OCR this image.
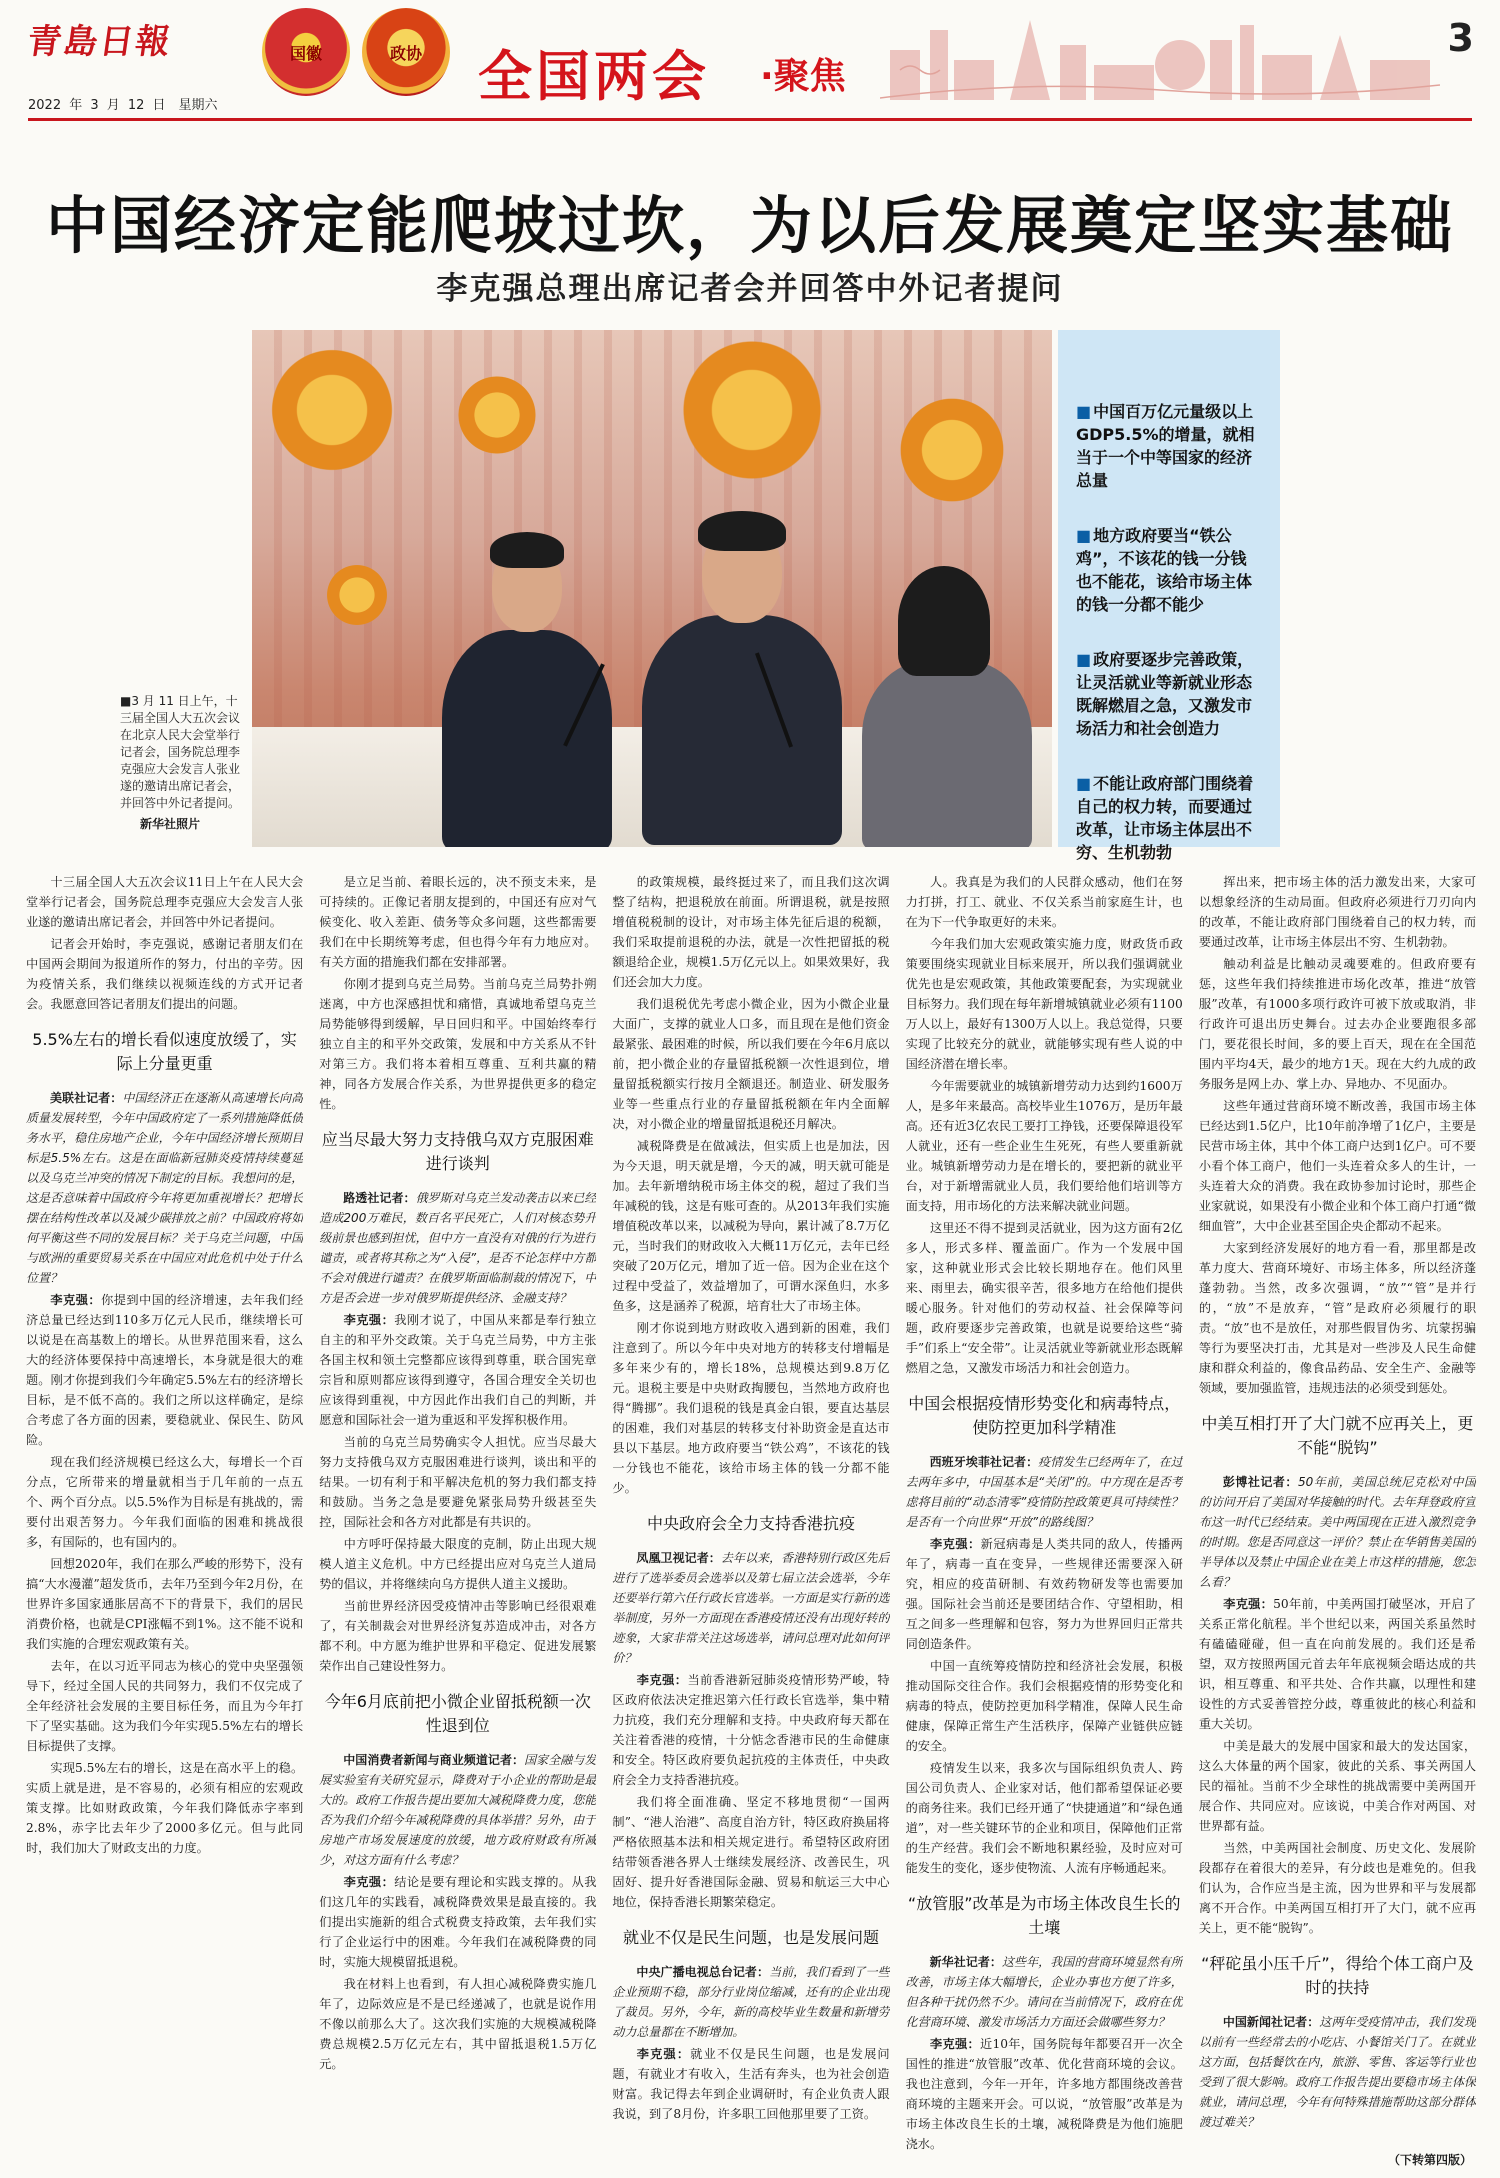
青島日報
2022 年 3 月 12 日　星期六
国徽	政协	全国两会 ·聚焦
3
中国经济定能爬坡过坎，为以后发展奠定坚实基础
李克强总理出席记者会并回答中外记者提问
■3 月 11 日上午，十三届全国人大五次会议在北京人民大会堂举行记者会，国务院总理李克强应大会发言人张业遂的邀请出席记者会，并回答中外记者提问。
新华社照片
■ 中国百万亿元量级以上GDP5.5%的增量，就相当于一个中等国家的经济总量
■ 地方政府要当“铁公鸡”，不该花的钱一分钱也不能花，该给市场主体的钱一分都不能少
■ 政府要逐步完善政策，让灵活就业等新就业形态既解燃眉之急，又激发市场活力和社会创造力
■ 不能让政府部门围绕着自己的权力转，而要通过改革，让市场主体层出不穷、生机勃勃

十三届全国人大五次会议11日上午在人民大会堂举行记者会，国务院总理李克强应大会发言人张业遂的邀请出席记者会，并回答中外记者提问。

记者会开始时，李克强说，感谢记者朋友们在中国两会期间为报道所作的努力，付出的辛劳。因为疫情关系，我们继续以视频连线的方式开记者会。我愿意回答记者朋友们提出的问题。

5.5%左右的增长看似速度放缓了，实际上分量更重

美联社记者：中国经济正在逐渐从高速增长向高质量发展转型，今年中国政府定了一系列措施降低债务水平，稳住房地产企业，今年中国经济增长预期目标是5.5%左右。这是在面临新冠肺炎疫情持续蔓延以及乌克兰冲突的情况下制定的目标。我想问的是，这是否意味着中国政府今年将更加重视增长？把增长摆在结构性改革以及减少碳排放之前？中国政府将如何平衡这些不同的发展目标？关于乌克兰问题，中国与欧洲的重要贸易关系在中国应对此危机中处于什么位置？

李克强：你提到中国的经济增速，去年我们经济总量已经达到110多万亿元人民币，继续增长可以说是在高基数上的增长。从世界范围来看，这么大的经济体要保持中高速增长，本身就是很大的难题。刚才你提到我们今年确定5.5%左右的经济增长目标，是不低不高的。我们之所以这样确定，是综合考虑了各方面的因素，要稳就业、保民生、防风险。

现在我们经济规模已经这么大，每增长一个百分点，它所带来的增量就相当于几年前的一点五个、两个百分点。以5.5%作为目标是有挑战的，需要付出艰苦努力。今年我们面临的困难和挑战很多，有国际的，也有国内的。

回想2020年，我们在那么严峻的形势下，没有搞“大水漫灌”超发货币，去年乃至到今年2月份，在世界许多国家通胀居高不下的背景下，我们的居民消费价格，也就是CPI涨幅不到1%。这不能不说和我们实施的合理宏观政策有关。

去年，在以习近平同志为核心的党中央坚强领导下，经过全国人民的共同努力，我们不仅完成了全年经济社会发展的主要目标任务，而且为今年打下了坚实基础。这为我们今年实现5.5%左右的增长目标提供了支撑。

实现5.5%左右的增长，这是在高水平上的稳。实质上就是进，是不容易的，必须有相应的宏观政策支撑。比如财政政策，今年我们降低赤字率到2.8%，赤字比去年少了2000多亿元。但与此同时，我们加大了财政支出的力度。

是立足当前、着眼长远的，决不预支未来，是可持续的。正像记者朋友提到的，中国还有应对气候变化、收入差距、债务等众多问题，这些都需要我们在中长期统筹考虑，但也得今年有力地应对。有关方面的措施我们都在安排部署。

你刚才提到乌克兰局势。当前乌克兰局势扑朔迷离，中方也深感担忧和痛惜，真诚地希望乌克兰局势能够得到缓解，早日回归和平。中国始终奉行独立自主的和平外交政策，发展和中方关系从不针对第三方。我们将本着相互尊重、互利共赢的精神，同各方发展合作关系，为世界提供更多的稳定性。

应当尽最大努力支持俄乌双方克服困难进行谈判

路透社记者：俄罗斯对乌克兰发动袭击以来已经造成200万难民，数百名平民死亡，人们对核态势升级前景也感到担忧，但中方一直没有对俄的行为进行谴责，或者将其称之为“入侵”，是否不论怎样中方都不会对俄进行谴责？在俄罗斯面临制裁的情况下，中方是否会进一步对俄罗斯提供经济、金融支持？

李克强：我刚才说了，中国从来都是奉行独立自主的和平外交政策。关于乌克兰局势，中方主张各国主权和领土完整都应该得到尊重，联合国宪章宗旨和原则都应该得到遵守，各国合理安全关切也应该得到重视，中方因此作出我们自己的判断，并愿意和国际社会一道为重返和平发挥积极作用。

当前的乌克兰局势确实令人担忧。应当尽最大努力支持俄乌双方克服困难进行谈判，谈出和平的结果。一切有利于和平解决危机的努力我们都支持和鼓励。当务之急是要避免紧张局势升级甚至失控，国际社会和各方对此都是有共识的。

中方呼吁保持最大限度的克制，防止出现大规模人道主义危机。中方已经提出应对乌克兰人道局势的倡议，并将继续向乌方提供人道主义援助。

当前世界经济因受疫情冲击等影响已经很艰难了，有关制裁会对世界经济复苏造成冲击，对各方都不利。中方愿为维护世界和平稳定、促进发展繁荣作出自己建设性努力。

今年6月底前把小微企业留抵税额一次性退到位

中国消费者新闻与商业频道记者：国家全融与发展实验室有关研究显示，降费对于小企业的帮助是最大的。政府工作报告提出要加大减税降费力度，您能否为我们介绍今年减税降费的具体举措？另外，由于房地产市场发展速度的放缓，地方政府财政有所减少，对这方面有什么考虑？

李克强：结论是要有理论和实践支撑的。从我们这几年的实践看，减税降费效果是最直接的。我们提出实施新的组合式税费支持政策，去年我们实行了企业运行中的困难。今年我们在减税降费的同时，实施大规模留抵退税。

我在材料上也看到，有人担心减税降费实施几年了，边际效应是不是已经递减了，也就是说作用不像以前那么大了。这次我们实施的大规模减税降费总规模2.5万亿元左右，其中留抵退税1.5万亿元。

的政策规模，最终挺过来了，而且我们这次调整了结构，把退税放在前面。所谓退税，就是按照增值税税制的设计，对市场主体先征后退的税额，我们采取提前退税的办法，就是一次性把留抵的税额退给企业，规模1.5万亿元以上。如果效果好，我们还会加大力度。

我们退税优先考虑小微企业，因为小微企业量大面广，支撑的就业人口多，而且现在是他们资金最紧张、最困难的时候，所以我们要在今年6月底以前，把小微企业的存量留抵税额一次性退到位，增量留抵税额实行按月全额退还。制造业、研发服务业等一些重点行业的存量留抵税额在年内全面解决，对小微企业的增量留抵退税还月解决。

减税降费是在做减法，但实质上也是加法，因为今天退，明天就是增，今天的减，明天就可能是加。去年新增纳税市场主体交的税，超过了我们当年减税的钱，这是有账可查的。从2013年我们实施增值税改革以来，以减税为导向，累计减了8.7万亿元，当时我们的财政收入大概11万亿元，去年已经突破了20万亿元，增加了近一倍。因为企业在这个过程中受益了，效益增加了，可谓水深鱼归，水多鱼多，这是涵养了税源，培育壮大了市场主体。

刚才你说到地方财政收入遇到新的困难，我们注意到了。所以今年中央对地方的转移支付增幅是多年来少有的，增长18%，总规模达到9.8万亿元。退税主要是中央财政掏腰包，当然地方政府也得“腾挪”。我们退税的钱是真金白银，要直达基层的困难，我们对基层的转移支付补助资金是直达市县以下基层。地方政府要当“铁公鸡”，不该花的钱一分钱也不能花，该给市场主体的钱一分都不能少。

中央政府会全力支持香港抗疫

凤凰卫视记者：去年以来，香港特别行政区先后进行了选举委员会选举以及第七届立法会选举，今年还要举行第六任行政长官选举。一方面是实行新的选举制度，另外一方面现在香港疫情还没有出现好转的迹象，大家非常关注这场选举，请问总理对此如何评价？

李克强：当前香港新冠肺炎疫情形势严峻，特区政府依法决定推迟第六任行政长官选举，集中精力抗疫，我们充分理解和支持。中央政府每天都在关注着香港的疫情，十分惦念香港市民的生命健康和安全。特区政府要负起抗疫的主体责任，中央政府会全力支持香港抗疫。

我们将全面准确、坚定不移地贯彻“一国两制”、“港人治港”、高度自治方针，特区政府换届将严格依照基本法和相关规定进行。希望特区政府团结带领香港各界人士继续发展经济、改善民生，巩固好、提升好香港国际金融、贸易和航运三大中心地位，保持香港长期繁荣稳定。

就业不仅是民生问题，也是发展问题

中央广播电视总台记者：当前，我们看到了一些企业预期不稳，部分行业岗位缩减，还有的企业出现了裁员。另外，今年，新的高校毕业生数量和新增劳动力总量都在不断增加。

李克强：就业不仅是民生问题，也是发展问题，有就业才有收入，生活有奔头，也为社会创造财富。我记得去年到企业调研时，有企业负责人跟我说，到了8月份，许多职工回他那里要了工资。

人。我真是为我们的人民群众感动，他们在努力打拼，打工、就业、不仅关系当前家庭生计，也在为下一代争取更好的未来。

今年我们加大宏观政策实施力度，财政货币政策要围绕实现就业目标来展开，所以我们强调就业优先也是宏观政策，其他政策要配套，为实现就业目标努力。我们现在每年新增城镇就业必须有1100万人以上，最好有1300万人以上。我总觉得，只要实现了比较充分的就业，就能够实现有些人说的中国经济潜在增长率。

今年需要就业的城镇新增劳动力达到约1600万人，是多年来最高。高校毕业生1076万，是历年最高。还有近3亿农民工要打工挣钱，还要保障退役军人就业，还有一些企业生生死死，有些人要重新就业。城镇新增劳动力是在增长的，要把新的就业平台，对于新增需就业人员，我们要给他们培训等方面支持，用市场化的方法来解决就业问题。

这里还不得不提到灵活就业，因为这方面有2亿多人，形式多样、覆盖面广。作为一个发展中国家，这种就业形式会比较长期地存在。他们风里来、雨里去，确实很辛苦，很多地方在给他们提供暖心服务。针对他们的劳动权益、社会保障等问题，政府要逐步完善政策，也就是说要给这些“骑手”们系上“安全带”。让灵活就业等新就业形态既解燃眉之急，又激发市场活力和社会创造力。

中国会根据疫情形势变化和病毒特点，使防控更加科学精准

西班牙埃菲社记者：疫情发生已经两年了，在过去两年多中，中国基本是“关闭”的。中方现在是否考虑将目前的“动态清零”疫情防控政策更具可持续性？是否有一个向世界“开放”的路线图？

李克强：新冠病毒是人类共同的敌人，传播两年了，病毒一直在变异，一些规律还需要深入研究，相应的疫苗研制、有效药物研发等也需要加强。国际社会当前还是要团结合作、守望相助，相互之间多一些理解和包容，努力为世界回归正常共同创造条件。

中国一直统筹疫情防控和经济社会发展，积极推动国际交往合作。我们会根据疫情的形势变化和病毒的特点，使防控更加科学精准，保障人民生命健康，保障正常生产生活秩序，保障产业链供应链的安全。

疫情发生以来，我多次与国际组织负责人、跨国公司负责人、企业家对话，他们都希望保证必要的商务往来。我们已经开通了“快捷通道”和“绿色通道”，对一些关键环节的企业和项目，保障他们正常的生产经营。我们会不断地积累经验，及时应对可能发生的变化，逐步使物流、人流有序畅通起来。

“放管服”改革是为市场主体改良生长的土壤

新华社记者：这些年，我国的营商环境显然有所改善，市场主体大幅增长，企业办事也方便了许多，但各种干扰仍然不少。请问在当前情况下，政府在优化营商环境、激发市场活力方面还会做哪些努力？

李克强：近10年，国务院每年都要召开一次全国性的推进“放管服”改革、优化营商环境的会议。我也注意到，今年一开年，许多地方都围绕改善营商环境的主题来开会。可以说，“放管服”改革是为市场主体改良生长的土壤，减税降费是为他们施肥浇水。

挥出来，把市场主体的活力激发出来，大家可以想象经济的生动局面。但政府必须进行刀刃向内的改革，不能让政府部门围绕着自己的权力转，而要通过改革，让市场主体层出不穷、生机勃勃。

触动利益是比触动灵魂要难的。但政府要有惩，这些年我们持续推进市场化改革，推进“放管服”改革，有1000多项行政许可被下放或取消，非行政许可退出历史舞台。过去办企业要跑很多部门，要花很长时间，多的要上百天，现在在全国范围内平均4天，最少的地方1天。现在大约九成的政务服务是网上办、掌上办、异地办、不见面办。

这些年通过营商环境不断改善，我国市场主体已经达到1.5亿户，比10年前净增了1亿户，主要是民营市场主体，其中个体工商户达到1亿户。可不要小看个体工商户，他们一头连着众多人的生计，一头连着大众的消费。我在政协参加讨论时，那些企业家就说，如果没有小微企业和个体工商户打通“微细血管”，大中企业甚至国企央企都动不起来。

大家到经济发展好的地方看一看，那里都是改革力度大、营商环境好、市场主体多，所以经济蓬蓬勃勃。当然，改多次强调，“放”“管”是并行的，“放”不是放弃，“管”是政府必须履行的职责。“放”也不是放任，对那些假冒伪劣、坑蒙拐骗等行为要坚决打击，尤其是对一些涉及人民生命健康和群众利益的，像食品药品、安全生产、金融等领域，要加强监管，违规违法的必须受到惩处。

中美互相打开了大门就不应再关上，更不能“脱钩”

彭博社记者：50年前，美国总统尼克松对中国的访问开启了美国对华接触的时代。去年拜登政府宣布这一时代已经结束。美中两国现在正进入激烈竞争的时期。您是否同意这一评价？禁止在华销售美国的半导体以及禁止中国企业在美上市这样的措施，您怎么看？

李克强：50年前，中美两国打破坚冰，开启了关系正常化航程。半个世纪以来，两国关系虽然时有磕磕碰碰，但一直在向前发展的。我们还是希望，双方按照两国元首去年年底视频会晤达成的共识，相互尊重、和平共处、合作共赢，以理性和建设性的方式妥善管控分歧，尊重彼此的核心利益和重大关切。

中美是最大的发展中国家和最大的发达国家，这么大体量的两个国家，彼此的关系、事关两国人民的福祉。当前不少全球性的挑战需要中美两国开展合作、共同应对。应该说，中美合作对两国、对世界都有益。

当然，中美两国社会制度、历史文化、发展阶段都存在着很大的差异，有分歧也是难免的。但我们认为，合作应当是主流，因为世界和平与发展都离不开合作。中美两国互相打开了大门，就不应再关上，更不能“脱钩”。

“秤砣虽小压千斤”，得给个体工商户及时的扶持

中国新闻社记者：这两年受疫情冲击，我们发现以前有一些经常去的小吃店、小餐馆关门了。在就业这方面，包括餐饮在内，旅游、零售、客运等行业也受到了很大影响。政府工作报告提出要稳市场主体保就业，请问总理，今年有何特殊措施帮助这部分群体渡过难关？

（下转第四版）
